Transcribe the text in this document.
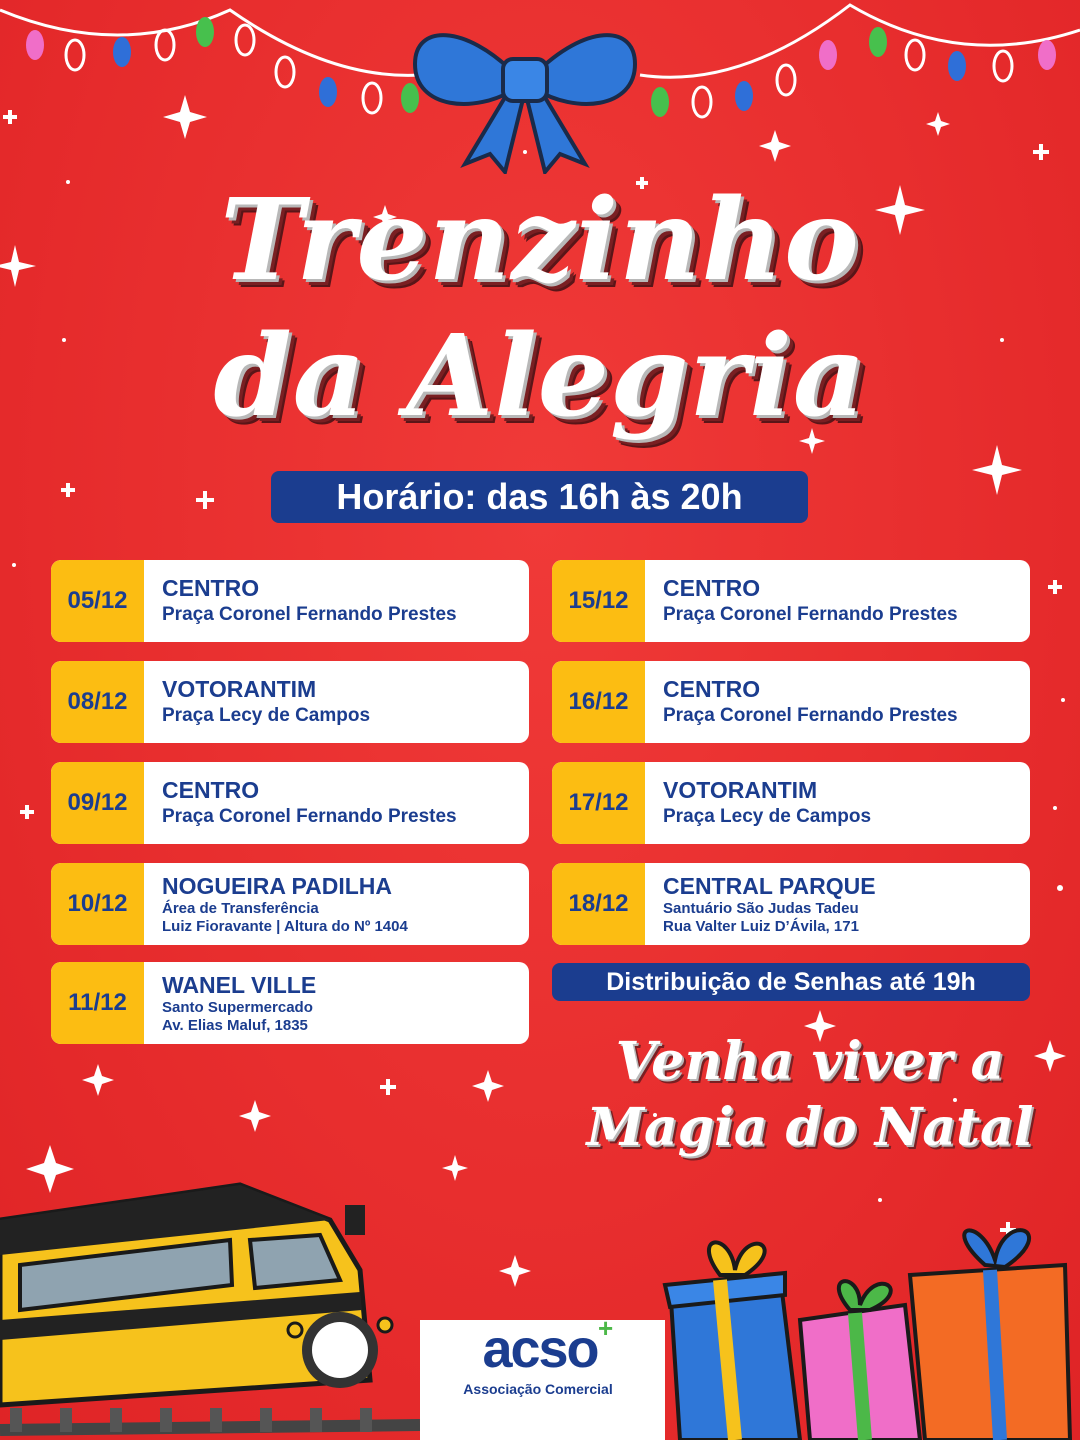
Trenzinho
da Alegria
Horário: das 16h às 20h
05/12	CENTRO
Praça Coronel Fernando Prestes
08/12	VOTORANTIM
Praça Lecy de Campos
09/12	CENTRO
Praça Coronel Fernando Prestes
10/12
NOGUEIRA PADILHA
Área de Transferência
Luiz Fioravante | Altura do Nº 1404
11/12
WANEL VILLE
Santo Supermercado
Av. Elias Maluf, 1835
15/12	CENTRO
Praça Coronel Fernando Prestes
16/12	CENTRO
Praça Coronel Fernando Prestes
17/12	VOTORANTIM
Praça Lecy de Campos
18/12
CENTRAL PARQUE
Santuário São Judas Tadeu
Rua Valter Luiz D’Ávila, 171
Distribuição de Senhas até 19h
Venha viver a
Magia do Natal
acso +
Associação Comercial
